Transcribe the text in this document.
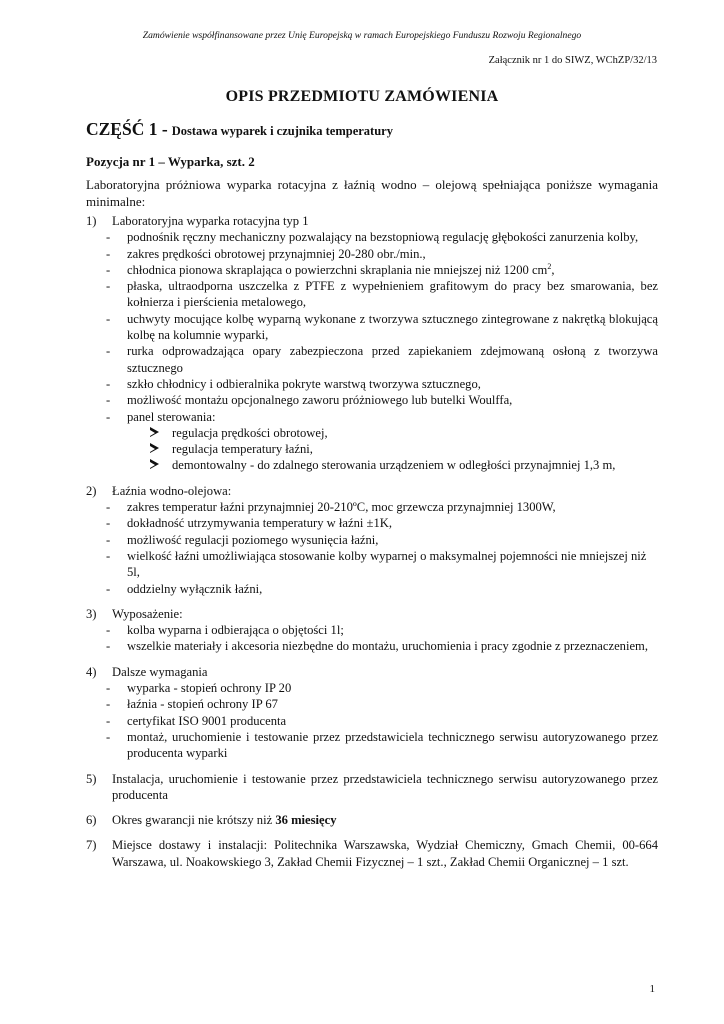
Zamówienie współfinansowane przez Unię Europejską w ramach Europejskiego Funduszu Rozwoju Regionalnego
Załącznik nr 1 do SIWZ, WChZP/32/13
OPIS PRZEDMIOTU ZAMÓWIENIA
CZĘŚĆ 1 - Dostawa wyparek i czujnika temperatury
Pozycja nr 1 – Wyparka, szt. 2
Laboratoryjna próżniowa wyparka rotacyjna z łaźnią wodno – olejową spełniająca poniższe wymagania minimalne:
1) Laboratoryjna wyparka rotacyjna typ 1
- podnośnik ręczny mechaniczny pozwalający na bezstopniową regulację głębokości zanurzenia kolby,
- zakres prędkości obrotowej przynajmniej 20-280 obr./min.,
- chłodnica pionowa skraplająca o powierzchni skraplania nie mniejszej niż 1200 $cm^2$,
- płaska, ultraodporna uszczelka z PTFE z wypełnieniem grafitowym do pracy bez smarowania, bez kołnierza i pierścienia metalowego,
- uchwyty mocujące kolbę wyparną wykonane z tworzywa sztucznego zintegrowane z nakrętką blokującą kolbę na kolumnie wyparki,
- rurka odprowadzająca opary zabezpieczona przed zapiekaniem zdejmowaną osłoną z tworzywa sztucznego
- szkło chłodnicy i odbieralnika pokryte warstwą tworzywa sztucznego,
- możliwość montażu opcjonalnego zaworu próżniowego lub butelki Woulffa,
- panel sterowania:
regulacja prędkości obrotowej,
regulacja temperatury łaźni,
demontowalny - do zdalnego sterowania urządzeniem w odległości przynajmniej 1,3 m,
2) Łaźnia wodno-olejowa:
- zakres temperatur łaźni przynajmniej 20-210ºC, moc grzewcza przynajmniej 1300W,
- dokładność utrzymywania temperatury w łaźni ±1K,
- możliwość regulacji poziomego wysunięcia łaźni,
- wielkość łaźni umożliwiająca stosowanie kolby wyparnej o maksymalnej pojemności nie mniejszej niż 5l,
- oddzielny wyłącznik łaźni,
3) Wyposażenie:
- kolba wyparna i odbierająca o objętości 1l;
- wszelkie materiały i akcesoria niezbędne do montażu, uruchomienia i pracy zgodnie z przeznaczeniem,
4) Dalsze wymagania
- wyparka - stopień ochrony IP 20
- łaźnia - stopień ochrony IP 67
- certyfikat ISO 9001 producenta
- montaż, uruchomienie i testowanie przez przedstawiciela technicznego serwisu autoryzowanego przez producenta wyparki
5) Instalacja, uruchomienie i testowanie przez przedstawiciela technicznego serwisu autoryzowanego przez producenta
6) Okres gwarancji nie krótszy niż 36 miesięcy
7) Miejsce dostawy i instalacji: Politechnika Warszawska, Wydział Chemiczny, Gmach Chemii, 00-664 Warszawa, ul. Noakowskiego 3, Zakład Chemii Fizycznej – 1 szt., Zakład Chemii Organicznej – 1 szt.
1
